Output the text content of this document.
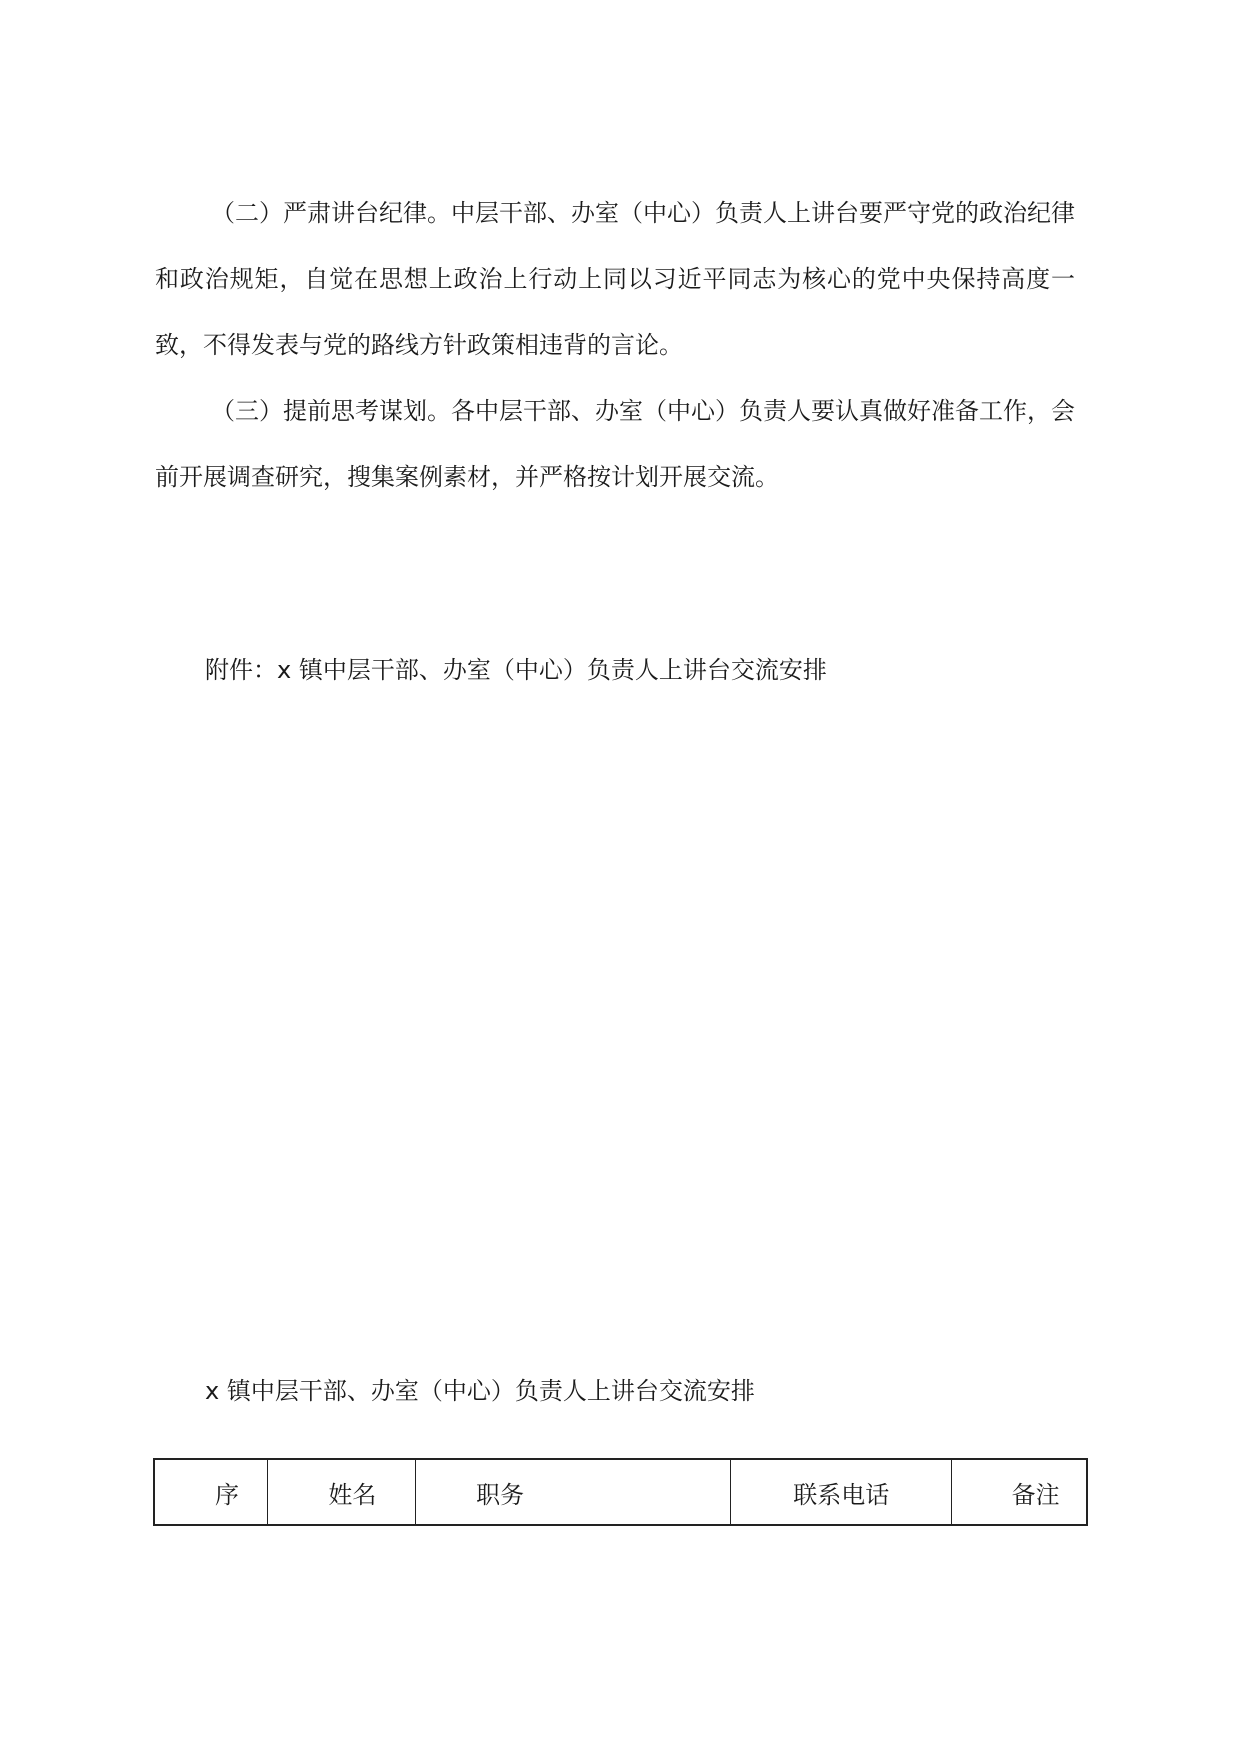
（二）严肃讲台纪律。中层干部、办室（中心）负责人上讲台要严守党的政治纪律和政治规矩，自觉在思想上政治上行动上同以习近平同志为核心的党中央保持高度一致，不得发表与党的路线方针政策相违背的言论。

（三）提前思考谋划。各中层干部、办室（中心）负责人要认真做好准备工作，会前开展调查研究，搜集案例素材，并严格按计划开展交流。

附件：x 镇中层干部、办室（中心）负责人上讲台交流安排

x 镇中层干部、办室（中心）负责人上讲台交流安排

序	姓名	职务	联系电话	备注
